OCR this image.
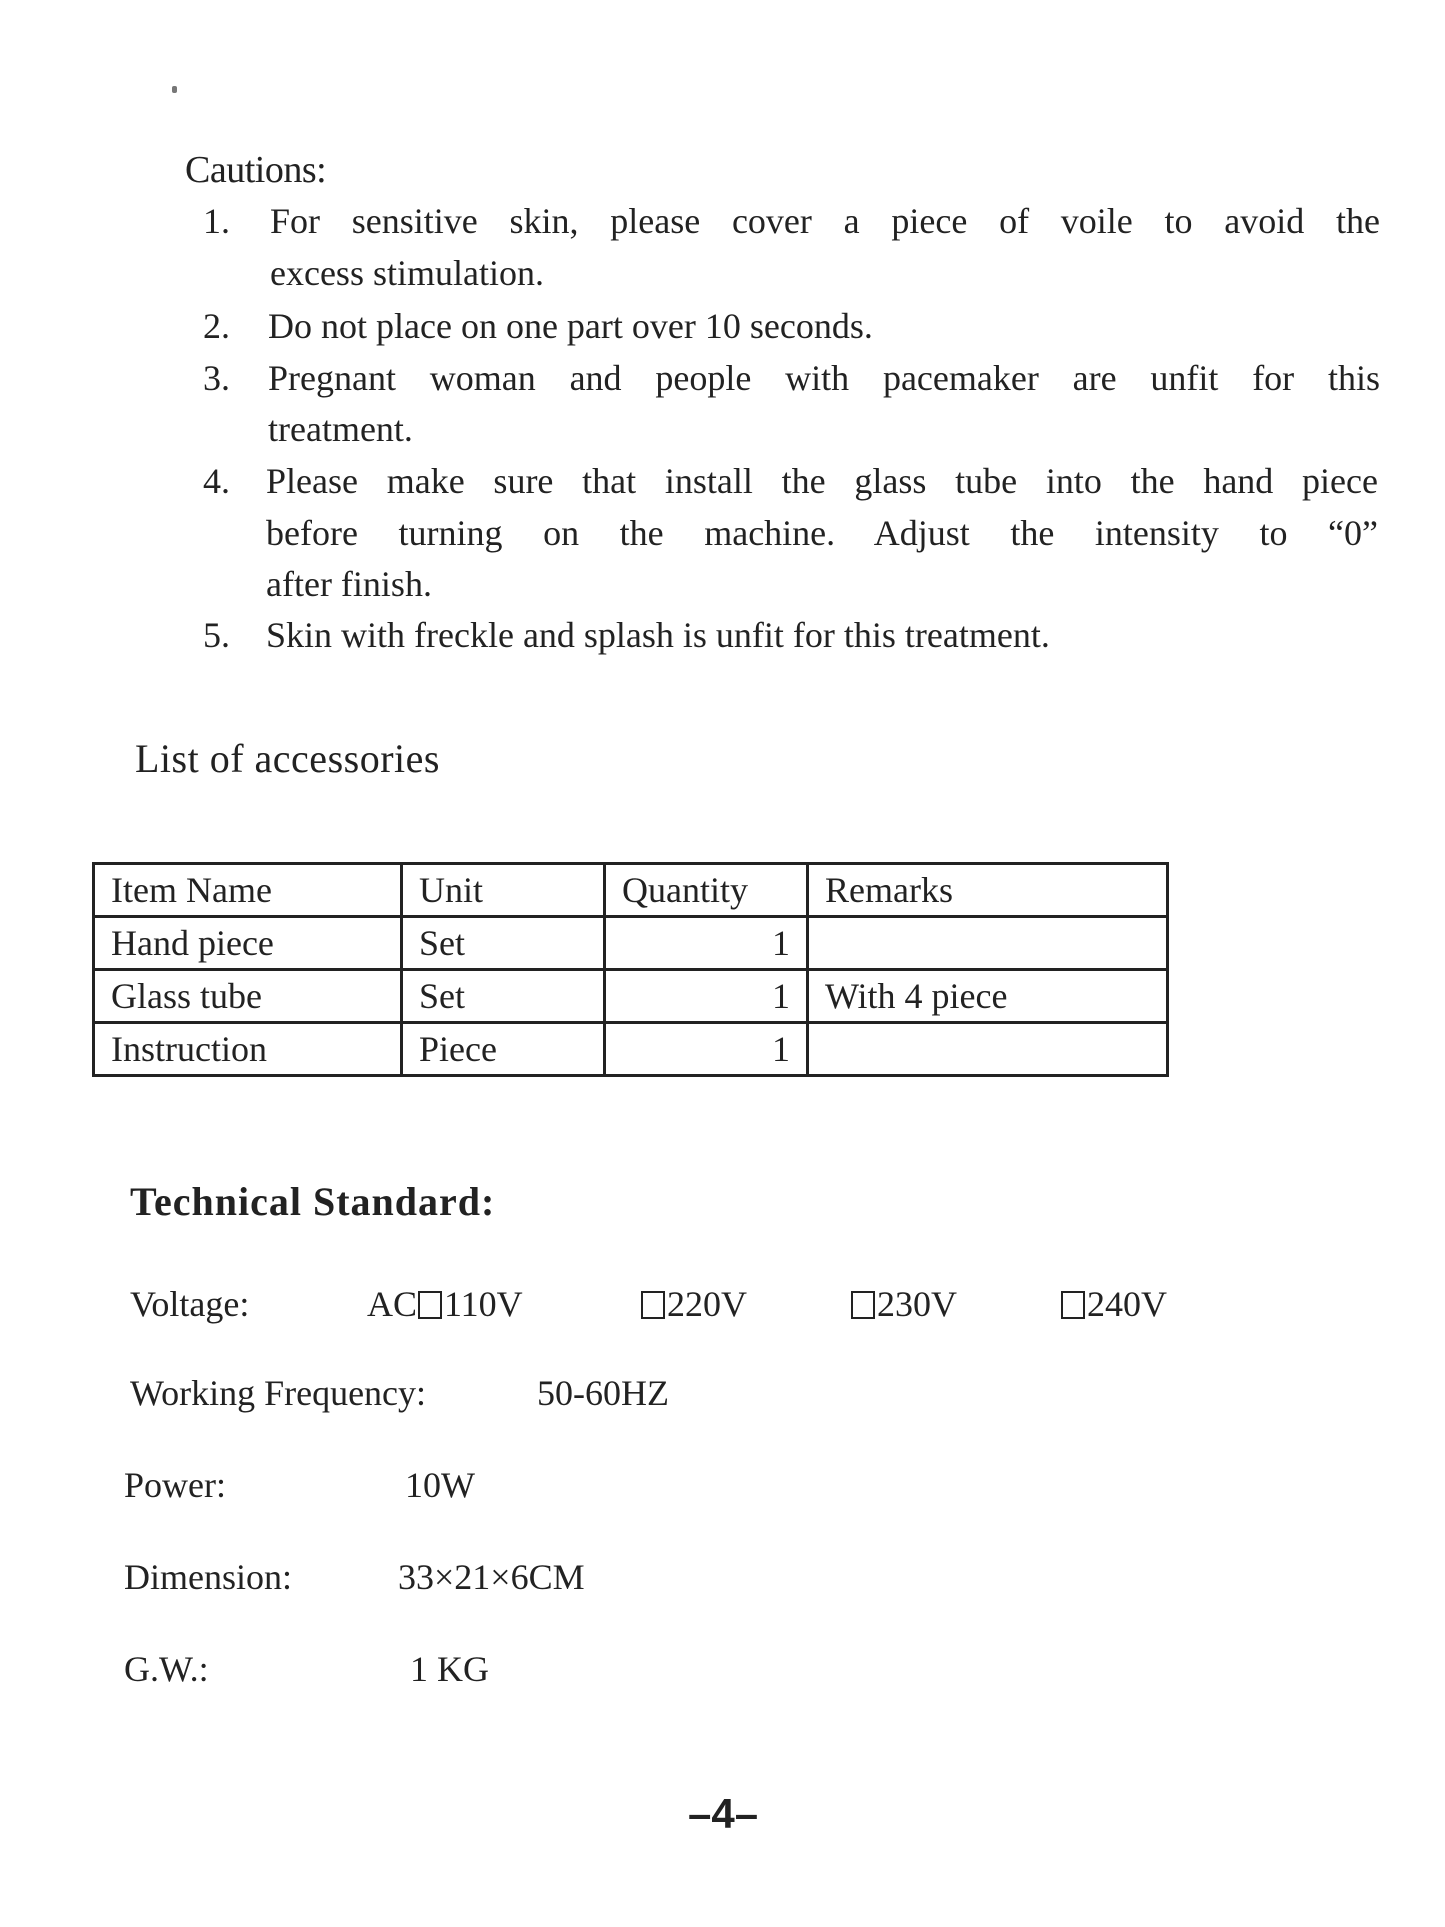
Cautions:
1. For sensitive skin, please cover a piece of voile to avoid the
excess stimulation.
2. Do not place on one part over 10 seconds.
3. Pregnant woman and people with pacemaker are unfit for this
treatment.
4. Please make sure that install the glass tube into the hand piece
before turning on the machine. Adjust the intensity to “0”
after finish.
5. Skin with freckle and splash is unfit for this treatment.
List of accessories
Item Name	Unit	Quantity	Remarks
Hand piece	Set	1	
Glass tube	Set	1	With 4 piece
Instruction	Piece	1	
Technical Standard:
Voltage:	AC 110V	220V	230V	240V
Working Frequency:	50-60HZ
Power:	10W
Dimension:	33×21×6CM
G.W.:	1 KG
–4–
